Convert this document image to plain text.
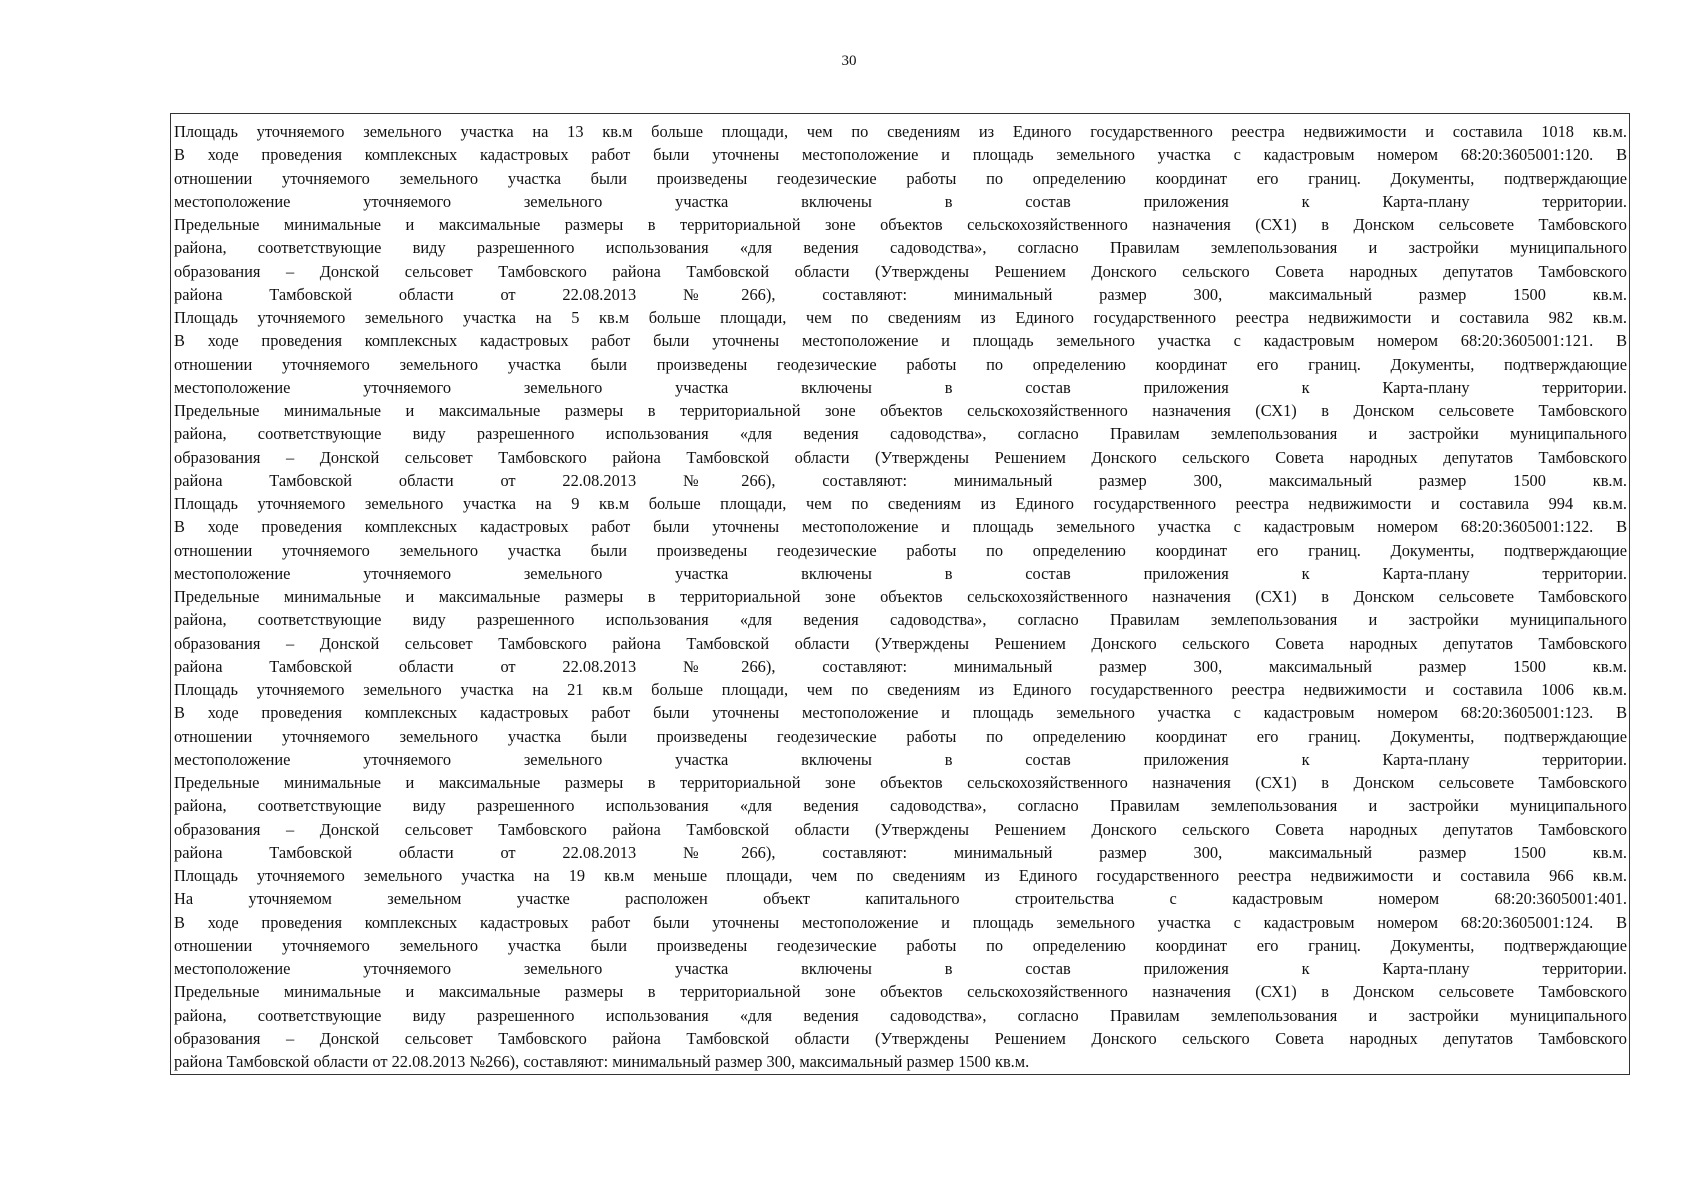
30
Площадь уточняемого земельного участка на 13 кв.м больше площади, чем по сведениям из Единого государственного реестра недвижимости и составила 1018 кв.м.
В ходе проведения комплексных кадастровых работ были уточнены местоположение и площадь земельного участка с кадастровым номером 68:20:3605001:120. В
отношении уточняемого земельного участка были произведены геодезические работы по определению координат его границ. Документы, подтверждающие
местоположение уточняемого земельного участка включены в состав приложения к Карта-плану территории.
Предельные минимальные и максимальные размеры в территориальной зоне объектов сельскохозяйственного назначения (СХ1) в Донском сельсовете Тамбовского
района, соответствующие виду разрешенного использования «для ведения садоводства», согласно Правилам землепользования и застройки муниципального
образования – Донской сельсовет Тамбовского района Тамбовской области (Утверждены Решением Донского сельского Совета народных депутатов Тамбовского
района Тамбовской области от 22.08.2013 №266), составляют: минимальный размер 300, максимальный размер 1500 кв.м.
Площадь уточняемого земельного участка на 5 кв.м больше площади, чем по сведениям из Единого государственного реестра недвижимости и составила 982 кв.м.
В ходе проведения комплексных кадастровых работ были уточнены местоположение и площадь земельного участка с кадастровым номером 68:20:3605001:121. В
отношении уточняемого земельного участка были произведены геодезические работы по определению координат его границ. Документы, подтверждающие
местоположение уточняемого земельного участка включены в состав приложения к Карта-плану территории.
Предельные минимальные и максимальные размеры в территориальной зоне объектов сельскохозяйственного назначения (СХ1) в Донском сельсовете Тамбовского
района, соответствующие виду разрешенного использования «для ведения садоводства», согласно Правилам землепользования и застройки муниципального
образования – Донской сельсовет Тамбовского района Тамбовской области (Утверждены Решением Донского сельского Совета народных депутатов Тамбовского
района Тамбовской области от 22.08.2013 №266), составляют: минимальный размер 300, максимальный размер 1500 кв.м.
Площадь уточняемого земельного участка на 9 кв.м больше площади, чем по сведениям из Единого государственного реестра недвижимости и составила 994 кв.м.
В ходе проведения комплексных кадастровых работ были уточнены местоположение и площадь земельного участка с кадастровым номером 68:20:3605001:122. В
отношении уточняемого земельного участка были произведены геодезические работы по определению координат его границ. Документы, подтверждающие
местоположение уточняемого земельного участка включены в состав приложения к Карта-плану территории.
Предельные минимальные и максимальные размеры в территориальной зоне объектов сельскохозяйственного назначения (СХ1) в Донском сельсовете Тамбовского
района, соответствующие виду разрешенного использования «для ведения садоводства», согласно Правилам землепользования и застройки муниципального
образования – Донской сельсовет Тамбовского района Тамбовской области (Утверждены Решением Донского сельского Совета народных депутатов Тамбовского
района Тамбовской области от 22.08.2013 №266), составляют: минимальный размер 300, максимальный размер 1500 кв.м.
Площадь уточняемого земельного участка на 21 кв.м больше площади, чем по сведениям из Единого государственного реестра недвижимости и составила 1006 кв.м.
В ходе проведения комплексных кадастровых работ были уточнены местоположение и площадь земельного участка с кадастровым номером 68:20:3605001:123. В
отношении уточняемого земельного участка были произведены геодезические работы по определению координат его границ. Документы, подтверждающие
местоположение уточняемого земельного участка включены в состав приложения к Карта-плану территории.
Предельные минимальные и максимальные размеры в территориальной зоне объектов сельскохозяйственного назначения (СХ1) в Донском сельсовете Тамбовского
района, соответствующие виду разрешенного использования «для ведения садоводства», согласно Правилам землепользования и застройки муниципального
образования – Донской сельсовет Тамбовского района Тамбовской области (Утверждены Решением Донского сельского Совета народных депутатов Тамбовского
района Тамбовской области от 22.08.2013 №266), составляют: минимальный размер 300, максимальный размер 1500 кв.м.
Площадь уточняемого земельного участка на 19 кв.м меньше площади, чем по сведениям из Единого государственного реестра недвижимости и составила 966 кв.м.
На уточняемом земельном участке расположен объект капитального строительства с кадастровым номером 68:20:3605001:401.
В ходе проведения комплексных кадастровых работ были уточнены местоположение и площадь земельного участка с кадастровым номером 68:20:3605001:124. В
отношении уточняемого земельного участка были произведены геодезические работы по определению координат его границ. Документы, подтверждающие
местоположение уточняемого земельного участка включены в состав приложения к Карта-плану территории.
Предельные минимальные и максимальные размеры в территориальной зоне объектов сельскохозяйственного назначения (СХ1) в Донском сельсовете Тамбовского
района, соответствующие виду разрешенного использования «для ведения садоводства», согласно Правилам землепользования и застройки муниципального
образования – Донской сельсовет Тамбовского района Тамбовской области (Утверждены Решением Донского сельского Совета народных депутатов Тамбовского
района Тамбовской области от 22.08.2013 №266), составляют: минимальный размер 300, максимальный размер 1500 кв.м.
